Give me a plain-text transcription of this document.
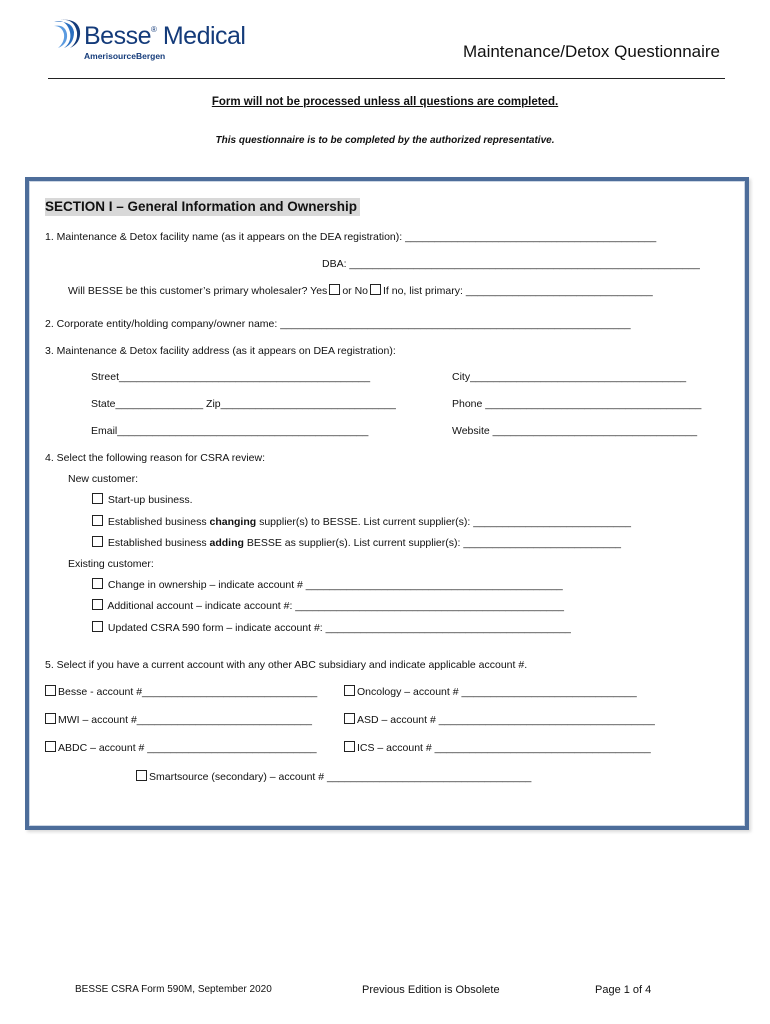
Besse® Medical
AmerisourceBergen	Maintenance/Detox Questionnaire
Form will not be processed unless all questions are completed.
This questionnaire is to be completed by the authorized representative.
SECTION I – General Information and Ownership
1. Maintenance & Detox facility name (as it appears on the DEA registration): ___________________________________________
DBA: ____________________________________________________________
Will BESSE be this customer’s primary wholesaler? Yes or No If no, list primary: ________________________________
2. Corporate entity/holding company/owner name: ____________________________________________________________
3. Maintenance & Detox facility address (as it appears on DEA registration):
Street___________________________________________	City_____________________________________
State_______________ Zip______________________________	Phone _____________________________________
Email___________________________________________	Website ___________________________________
4. Select the following reason for CSRA review:
New customer:
Start-up business.
Established business changing supplier(s) to BESSE. List current supplier(s): ___________________________
Established business adding BESSE as supplier(s). List current supplier(s): ___________________________
Existing customer:
Change in ownership – indicate account # ____________________________________________
Additional account – indicate account #: ______________________________________________
Updated CSRA 590 form – indicate account #: __________________________________________
5. Select if you have a current account with any other ABC subsidiary and indicate applicable account #.
Besse - account #______________________________	Oncology – account # ______________________________
MWI – account #______________________________	ASD – account # _____________________________________
ABDC – account # _____________________________	ICS – account # _____________________________________
Smartsource (secondary) – account # ___________________________________
BESSE CSRA Form 590M, September 2020	Previous Edition is Obsolete	Page 1 of 4
